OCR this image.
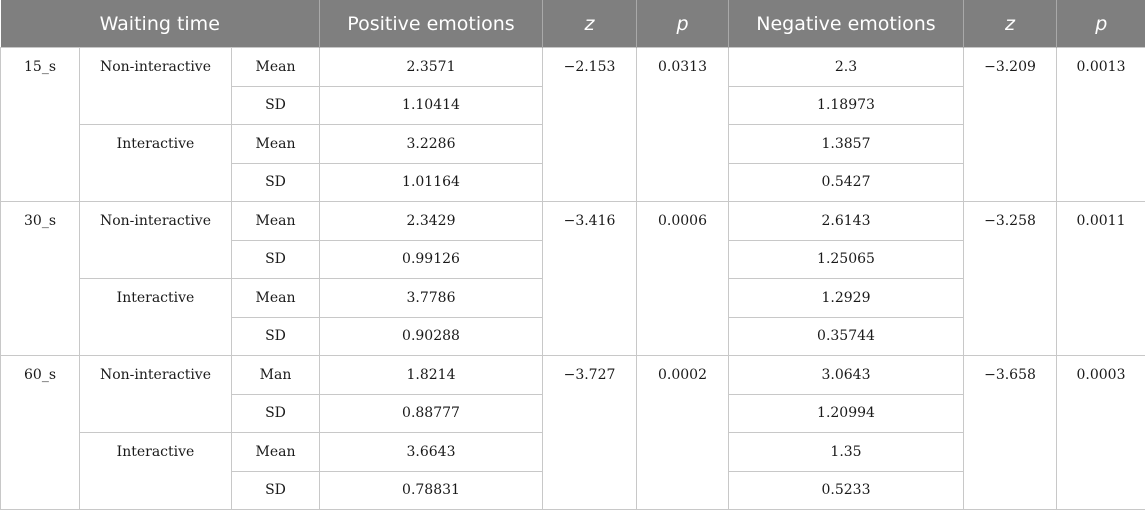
Waiting time			Positive emotions	z	p	Negative emotions	z	p
15_s	Non-interactive	Mean	2.3571	−2.153	0.0313	2.3	−3.209	0.0013
		SD	1.10414			1.18973		
	Interactive	Mean	3.2286			1.3857		
		SD	1.01164			0.5427		
30_s	Non-interactive	Mean	2.3429	−3.416	0.0006	2.6143	−3.258	0.0011
		SD	0.99126			1.25065		
	Interactive	Mean	3.7786			1.2929		
		SD	0.90288			0.35744		
60_s	Non-interactive	Man	1.8214	−3.727	0.0002	3.0643	−3.658	0.0003
		SD	0.88777			1.20994		
	Interactive	Mean	3.6643			1.35		
		SD	0.78831			0.5233		
